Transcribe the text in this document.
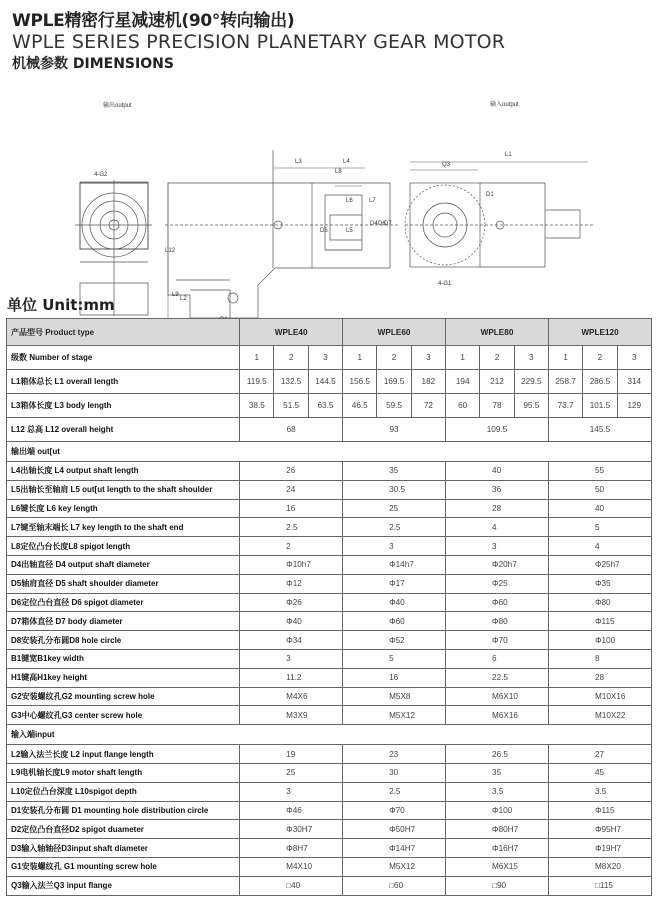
WPLE精密行星减速机(90°转向输出)
WPLE SERIES PRECISION PLANETARY GEAR MOTOR
机械参数 DIMENSIONS
输出output	输入output
4-G2
L3	L4
L8
L6	L7
L5
D5
D4 D6
D7
L12
L9
L2
L1
Q3
D1
4-G1
单位 Unit:mm
产品型号 Product type	WPLE40			WPLE60			WPLE80			WPLE120		
级数 Number of stage	1	2	3	1	2	3	1	2	3	1	2	3
L1箱体总长 L1 overall length	119.5	132.5	144.5	156.5	169.5	182	194	212	229.5	258.7	286.5	314
L3箱体长度 L3 body length	38.5	51.5	63.5	46.5	59.5	72	60	78	95.5	73.7	101.5	129
L12 总高 L12 overall height	68			93			109.5			145.5		
输出端 out[ut												
L4出轴长度 L4 output shaft length	26			35			40			55		
L5出轴长至轴肩 L5 out[ut length to the shaft shoulder	24			30.5			36			50		
L6键长度 L6 key length	16			25			28			40		
L7键至轴末端长 L7 key length to the shaft end	2.5			2.5			4			5		
L8定位凸台长度L8 spigot length	2			3			3			4		
D4出轴直径 D4 output shaft diameter	Φ10h7			Φ14h7			Φ20h7			Φ25h7		
D5轴肩直径 D5 shaft shoulder diameter	Φ12			Φ17			Φ25			Φ35		
D6定位凸台直径 D6 spigot diameter	Φ26			Φ40			Φ60			Φ80		
D7箱体直径 D7 body diameter	Φ40			Φ60			Φ80			Φ115		
D8安装孔分布圆D8 hole circle	Φ34			Φ52			Φ70			Φ100		
B1键宽B1key width	3			5			6			8		
H1键高H1key height	11.2			16			22.5			28		
G2安装螺纹孔G2 mounting screw hole	M4X6			M5X8			M6X10			M10X16		
G3中心螺纹孔G3 center screw hole	M3X9			M5X12			M6X16			M10X22		
输入端input												
L2输入法兰长度 L2 input flange length	19			23			26.5			27		
L9电机轴长度L9 motor shaft length	25			30			35			45		
L10定位凸台深度 L10spigot depth	3			2.5			3.5			3.5		
D1安装孔分布圆 D1 mounting hole distribution circle	Φ46			Φ70			Φ100			Φ115		
D2定位凸台直径D2 spigot duameter	Φ30H7			Φ50H7			Φ80H7			Φ95H7		
D3输入轴轴径D3input shaft diameter	Φ8H7			Φ14H7			Φ16H7			Φ19H7		
G1安装螺纹孔 G1 mounting screw hole	M4X10			M5X12			M6X15			M8X20		
Q3输入法兰Q3 input flange	□40			□60			□90			□115		
